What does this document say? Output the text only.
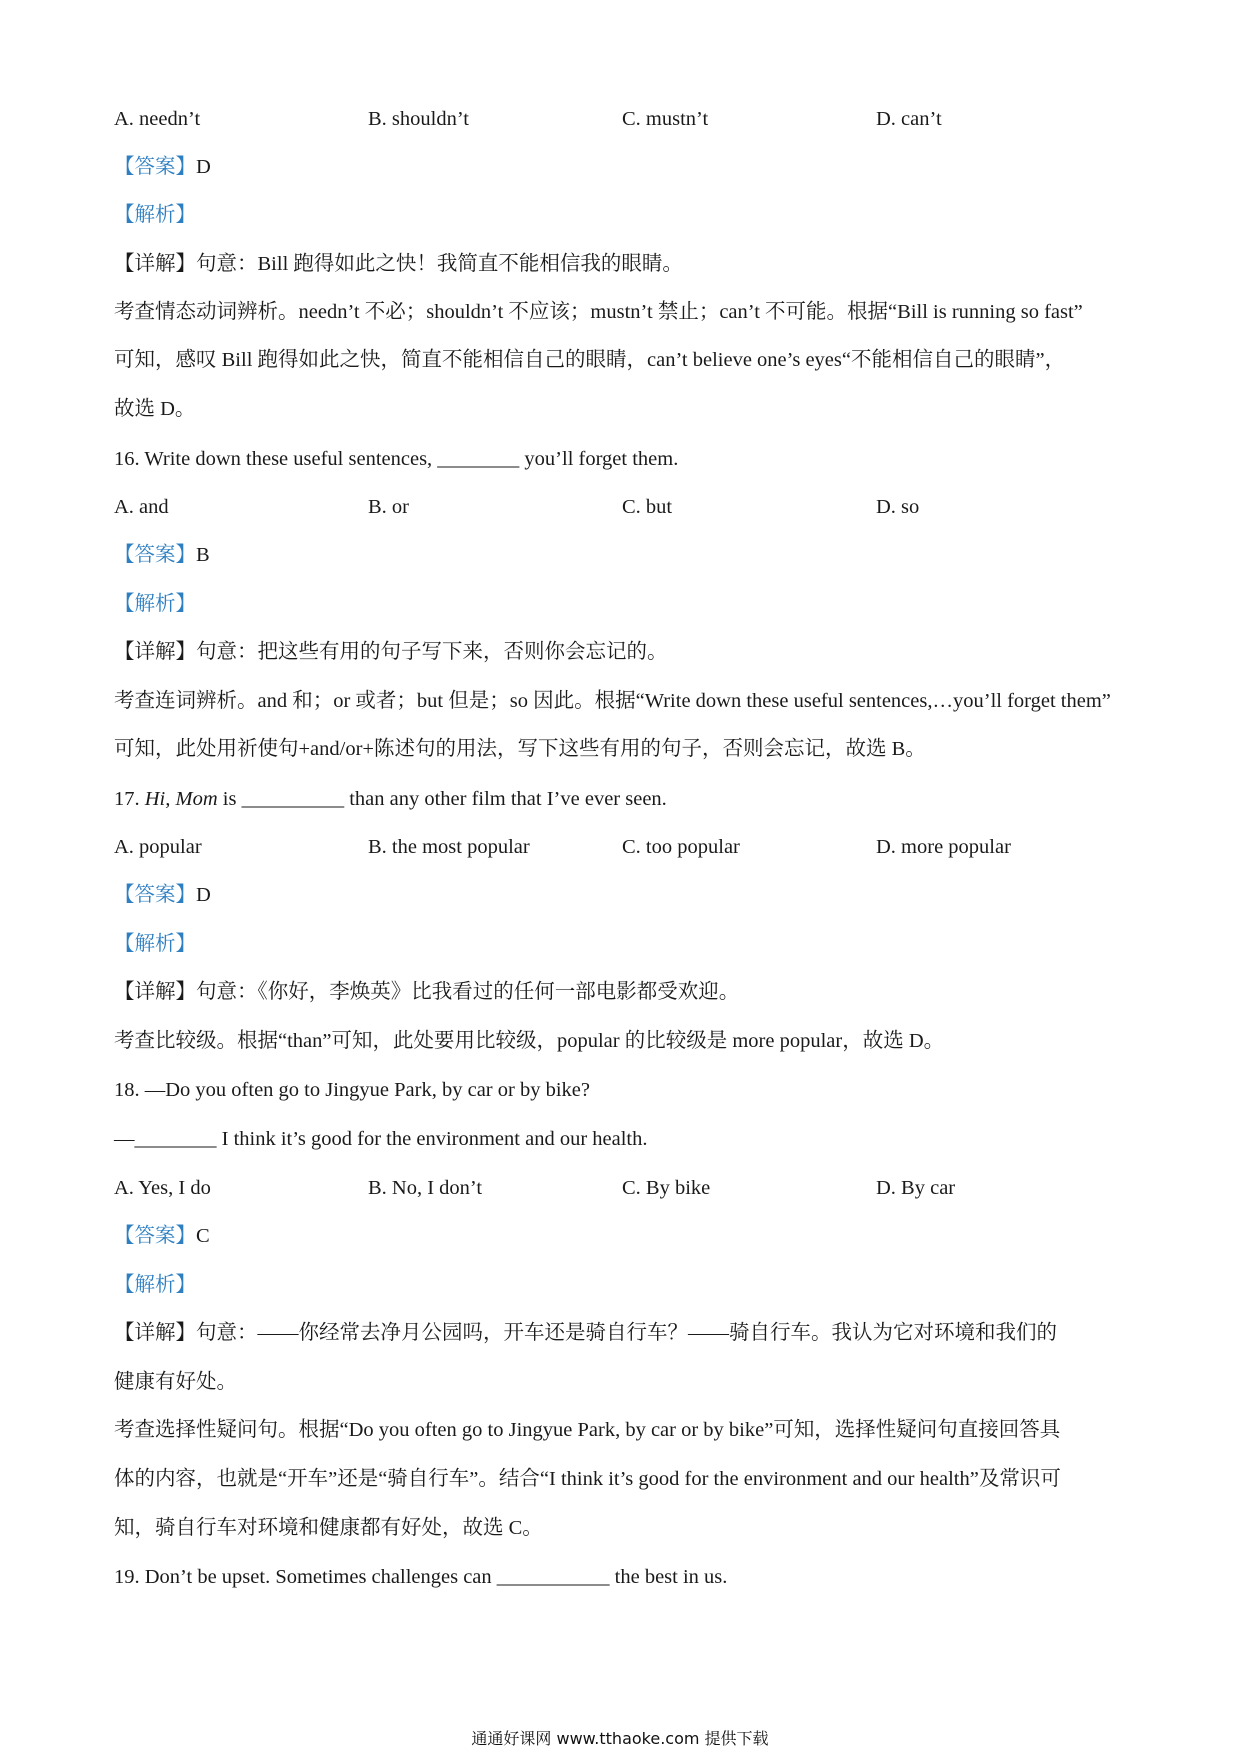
A. needn’t	B. shouldn’t	C. mustn’t	D. can’t
【答案】D
【解析】
【详解】句意：Bill 跑得如此之快！我简直不能相信我的眼睛。
考查情态动词辨析。needn’t 不必；shouldn’t 不应该；mustn’t 禁止；can’t 不可能。根据“Bill is running so fast”
可知，感叹 Bill 跑得如此之快，简直不能相信自己的眼睛，can’t believe one’s eyes“不能相信自己的眼睛”，
故选 D。
16. Write down these useful sentences, ________ you’ll forget them.
A. and	B. or	C. but	D. so
【答案】B
【解析】
【详解】句意：把这些有用的句子写下来，否则你会忘记的。
考查连词辨析。and 和；or 或者；but 但是；so 因此。根据“Write down these useful sentences,…you’ll forget them”
可知，此处用祈使句+and/or+陈述句的用法，写下这些有用的句子，否则会忘记，故选 B。
17. Hi, Mom is __________ than any other film that I’ve ever seen.
A. popular	B. the most popular	C. too popular	D. more popular
【答案】D
【解析】
【详解】句意：《你好，李焕英》比我看过的任何一部电影都受欢迎。
考查比较级。根据“than”可知，此处要用比较级，popular 的比较级是 more popular，故选 D。
18. —Do you often go to Jingyue Park, by car or by bike?
—________ I think it’s good for the environment and our health.
A. Yes, I do	B. No, I don’t	C. By bike	D. By car
【答案】C
【解析】
【详解】句意：——你经常去净月公园吗，开车还是骑自行车？——骑自行车。我认为它对环境和我们的
健康有好处。
考查选择性疑问句。根据“Do you often go to Jingyue Park, by car or by bike”可知，选择性疑问句直接回答具
体的内容，也就是“开车”还是“骑自行车”。结合“I think it’s good for the environment and our health”及常识可
知，骑自行车对环境和健康都有好处，故选 C。
19. Don’t be upset. Sometimes challenges can ___________ the best in us.
通通好课网 www.tthaoke.com 提供下载
